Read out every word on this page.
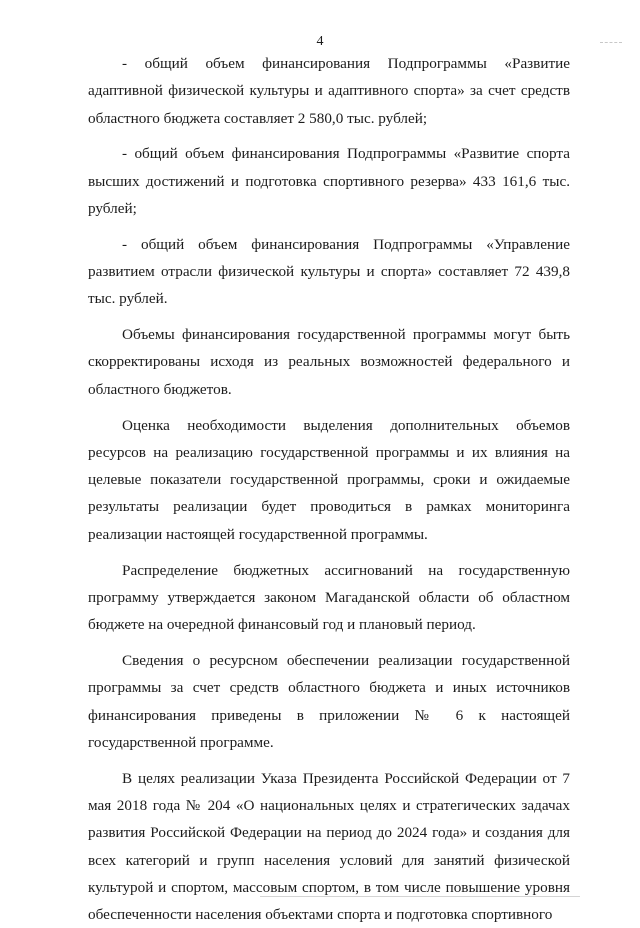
4

- общий объем финансирования Подпрограммы «Развитие адаптивной физической культуры и адаптивного спорта» за счет средств областного бюджета составляет 2 580,0 тыс. рублей;

- общий объем финансирования Подпрограммы «Развитие спорта высших достижений и подготовка спортивного резерва» 433 161,6 тыс. рублей;

- общий объем финансирования Подпрограммы «Управление развитием отрасли физической культуры и спорта» составляет 72 439,8 тыс. рублей.

Объемы финансирования государственной программы могут быть скорректированы исходя из реальных возможностей федерального и областного бюджетов.

Оценка необходимости выделения дополнительных объемов ресурсов на реализацию государственной программы и их влияния на целевые показатели государственной программы, сроки и ожидаемые результаты реализации будет проводиться в рамках мониторинга реализации настоящей государственной программы.

Распределение бюджетных ассигнований на государственную программу утверждается законом Магаданской области об областном бюджете на очередной финансовый год и плановый период.

Сведения о ресурсном обеспечении реализации государственной программы за счет средств областного бюджета и иных источников финансирования приведены в приложении № 6 к настоящей государственной программе.

В целях реализации Указа Президента Российской Федерации от 7 мая 2018 года № 204 «О национальных целях и стратегических задачах развития Российской Федерации на период до 2024 года» и создания для всех категорий и групп населения условий для занятий физической культурой и спортом, массовым спортом, в том числе повышение уровня обеспеченности населения объектами спорта и подготовка спортивного
